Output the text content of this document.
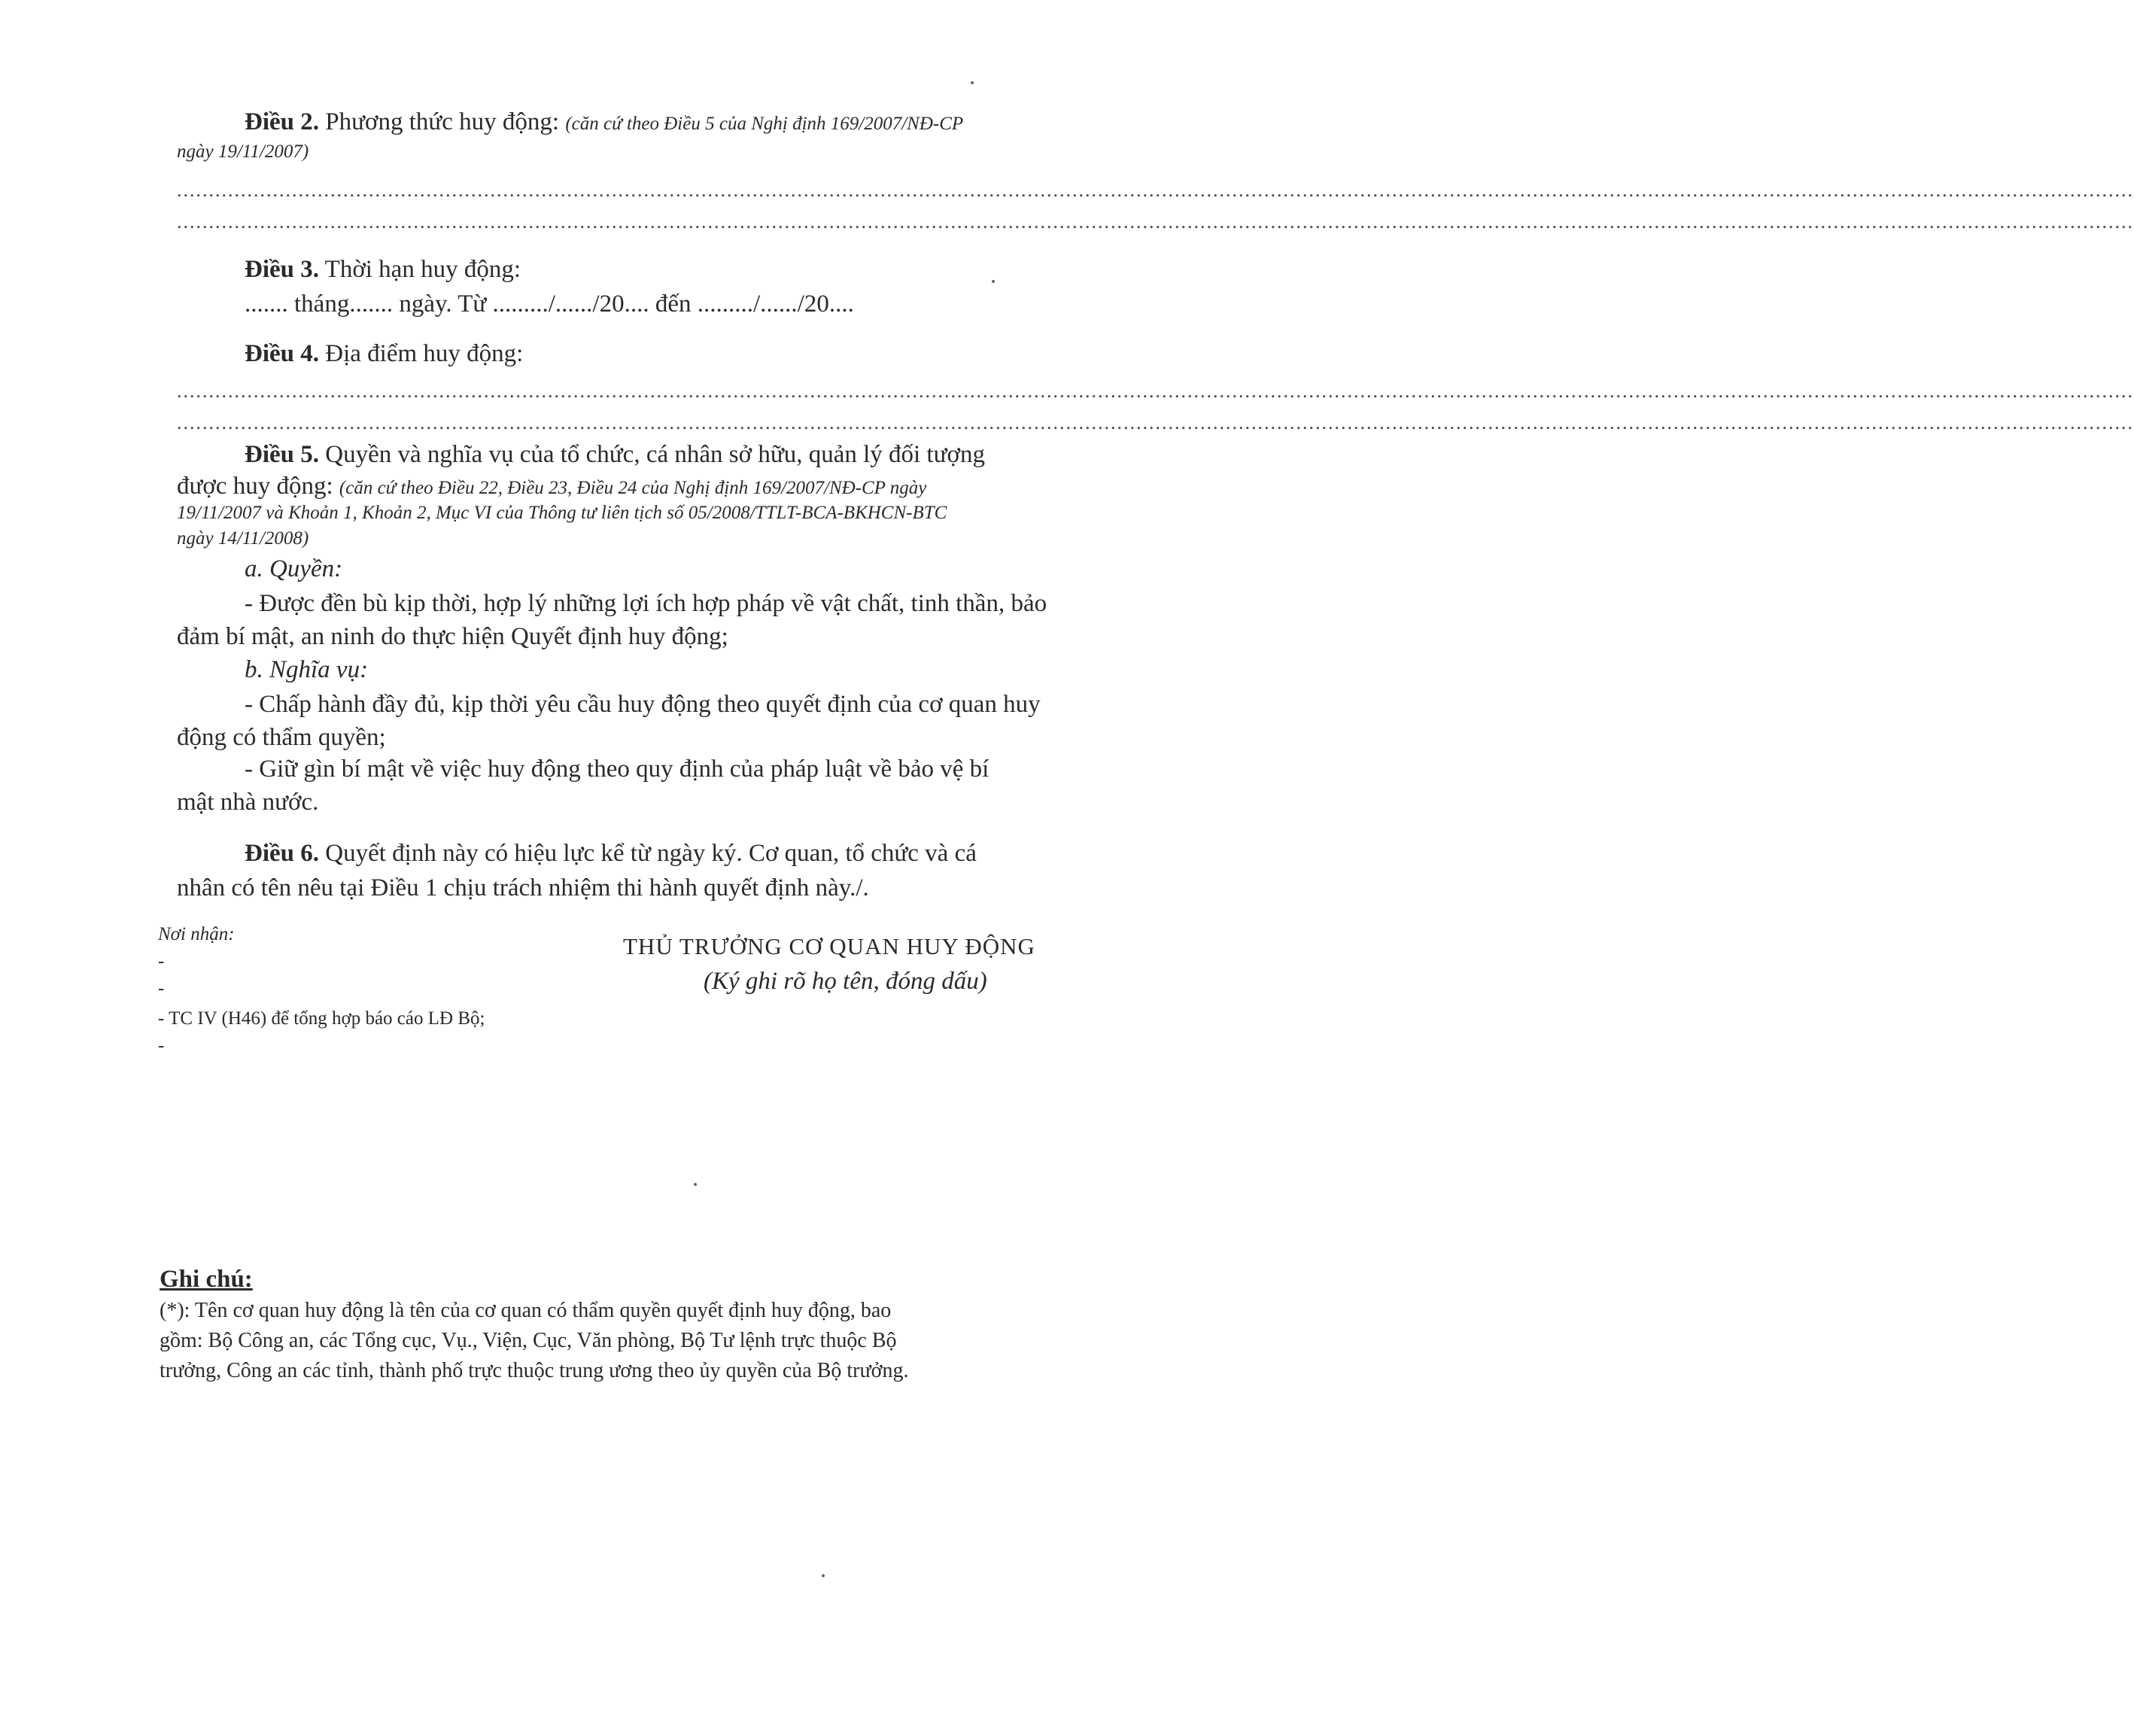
Điều 2. Phương thức huy động: (căn cứ theo Điều 5 của Nghị định 169/2007/NĐ-CP
ngày 19/11/2007)
..................................................................................................................................................................................................................................................................................................................
..................................................................................................................................................................................................................................................................................................................
Điều 3. Thời hạn huy động:
....... tháng....... ngày. Từ ........./....../20.... đến ........./....../20....
Điều 4. Địa điểm huy động:
..................................................................................................................................................................................................................................................................................................................
..................................................................................................................................................................................................................................................................................................................
Điều 5. Quyền và nghĩa vụ của tổ chức, cá nhân sở hữu, quản lý đối tượng
được huy động: (căn cứ theo Điều 22, Điều 23, Điều 24 của Nghị định 169/2007/NĐ-CP ngày
19/11/2007 và Khoản 1, Khoản 2, Mục VI của Thông tư liên tịch số 05/2008/TTLT-BCA-BKHCN-BTC
ngày 14/11/2008)
a. Quyền:
- Được đền bù kịp thời, hợp lý những lợi ích hợp pháp về vật chất, tinh thần, bảo
đảm bí mật, an ninh do thực hiện Quyết định huy động;
b. Nghĩa vụ:
- Chấp hành đầy đủ, kịp thời yêu cầu huy động theo quyết định của cơ quan huy
động có thẩm quyền;
- Giữ gìn bí mật về việc huy động theo quy định của pháp luật về bảo vệ bí
mật nhà nước.
Điều 6. Quyết định này có hiệu lực kể từ ngày ký. Cơ quan, tổ chức và cá
nhân có tên nêu tại Điều 1 chịu trách nhiệm thi hành quyết định này./.
Nơi nhận:
-
-
- TC IV (H46) để tổng hợp báo cáo LĐ Bộ;
-
THỦ TRƯỞNG CƠ QUAN HUY ĐỘNG
(Ký ghi rõ họ tên, đóng dấu)
Ghi chú:
(*): Tên cơ quan huy động là tên của cơ quan có thẩm quyền quyết định huy động, bao
gồm: Bộ Công an, các Tổng cục, Vụ., Viện, Cục, Văn phòng, Bộ Tư lệnh trực thuộc Bộ
trưởng, Công an các tỉnh, thành phố trực thuộc trung ương theo ủy quyền của Bộ trưởng.
